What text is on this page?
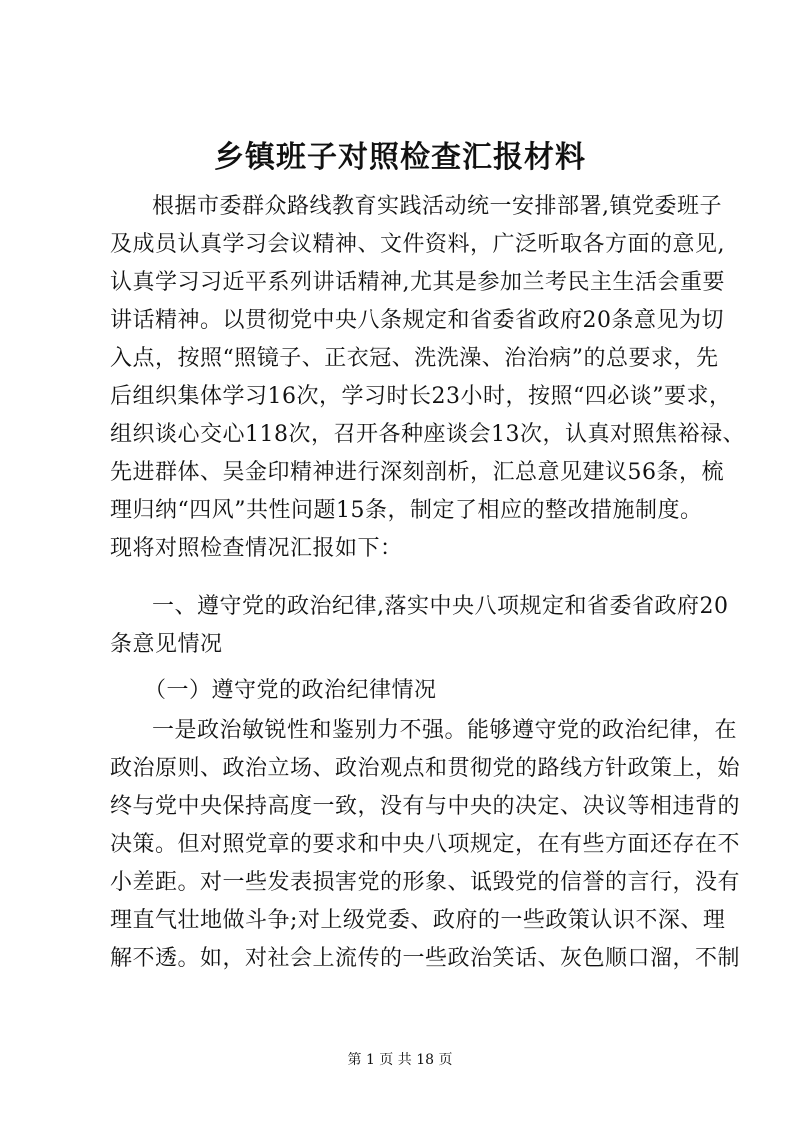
乡镇班子对照检查汇报材料
根据市委群众路线教育实践活动统一安排部署,镇党委班子
及成员认真学习会议精神、文件资料，广泛听取各方面的意见,
认真学习习近平系列讲话精神,尤其是参加兰考民主生活会重要
讲话精神。以贯彻党中央八条规定和省委省政府20条意见为切
入点，按照“照镜子、正衣冠、洗洗澡、治治病”的总要求，先
后组织集体学习16次，学习时长23小时，按照“四必谈”要求，
组织谈心交心118次，召开各种座谈会13次，认真对照焦裕禄、
先进群体、吴金印精神进行深刻剖析，汇总意见建议56条，梳
理归纳“四风”共性问题15条，制定了相应的整改措施制度。
现将对照检查情况汇报如下：
一、遵守党的政治纪律,落实中央八项规定和省委省政府20
条意见情况
（一）遵守党的政治纪律情况
一是政治敏锐性和鉴别力不强。能够遵守党的政治纪律，在
政治原则、政治立场、政治观点和贯彻党的路线方针政策上，始
终与党中央保持高度一致，没有与中央的决定、决议等相违背的
决策。但对照党章的要求和中央八项规定，在有些方面还存在不
小差距。对一些发表损害党的形象、诋毁党的信誉的言行，没有
理直气壮地做斗争;对上级党委、政府的一些政策认识不深、理
解不透。如，对社会上流传的一些政治笑话、灰色顺口溜，不制
第 1 页 共 18 页
